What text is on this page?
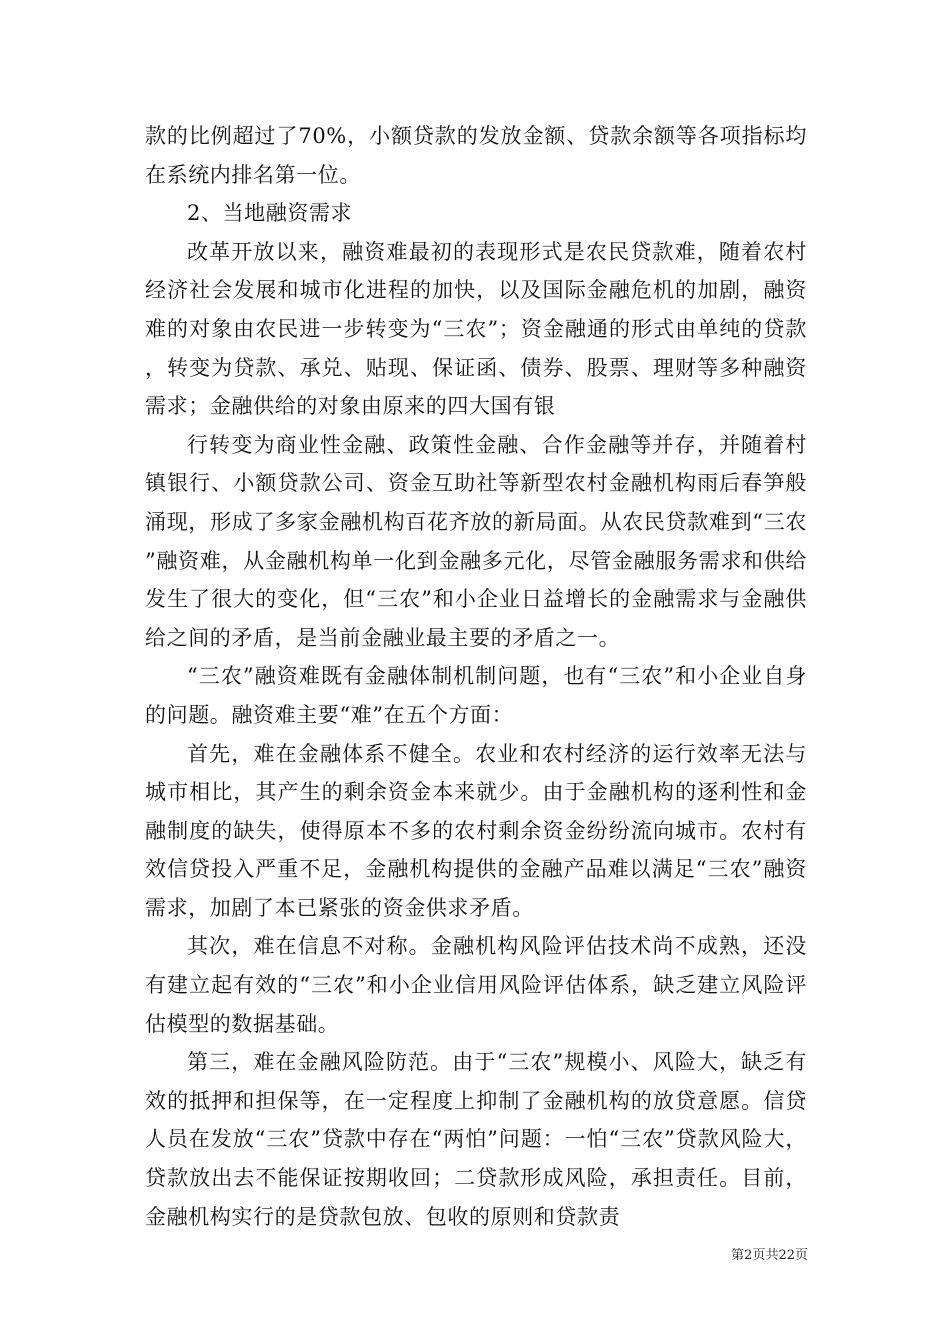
款的比例超过了70%，小额贷款的发放金额、贷款余额等各项指标均在系统内排名第一位。

2、当地融资需求

改革开放以来，融资难最初的表现形式是农民贷款难，随着农村经济社会发展和城市化进程的加快，以及国际金融危机的加剧，融资难的对象由农民进一步转变为“三农”；资金融通的形式由单纯的贷款，转变为贷款、承兑、贴现、保证函、债券、股票、理财等多种融资需求；金融供给的对象由原来的四大国有银

行转变为商业性金融、政策性金融、合作金融等并存，并随着村镇银行、小额贷款公司、资金互助社等新型农村金融机构雨后春笋般涌现，形成了多家金融机构百花齐放的新局面。从农民贷款难到“三农”融资难，从金融机构单一化到金融多元化，尽管金融服务需求和供给发生了很大的变化，但“三农”和小企业日益增长的金融需求与金融供给之间的矛盾，是当前金融业最主要的矛盾之一。

“三农”融资难既有金融体制机制问题，也有“三农”和小企业自身的问题。融资难主要“难”在五个方面：

首先，难在金融体系不健全。农业和农村经济的运行效率无法与城市相比，其产生的剩余资金本来就少。由于金融机构的逐利性和金融制度的缺失，使得原本不多的农村剩余资金纷纷流向城市。农村有效信贷投入严重不足，金融机构提供的金融产品难以满足“三农”融资需求，加剧了本已紧张的资金供求矛盾。

其次，难在信息不对称。金融机构风险评估技术尚不成熟，还没有建立起有效的“三农”和小企业信用风险评估体系，缺乏建立风险评估模型的数据基础。

第三，难在金融风险防范。由于“三农”规模小、风险大，缺乏有效的抵押和担保等，在一定程度上抑制了金融机构的放贷意愿。信贷人员在发放“三农”贷款中存在“两怕”问题：一怕“三农”贷款风险大，贷款放出去不能保证按期收回；二贷款形成风险，承担责任。目前，金融机构实行的是贷款包放、包收的原则和贷款责

第2页共22页
